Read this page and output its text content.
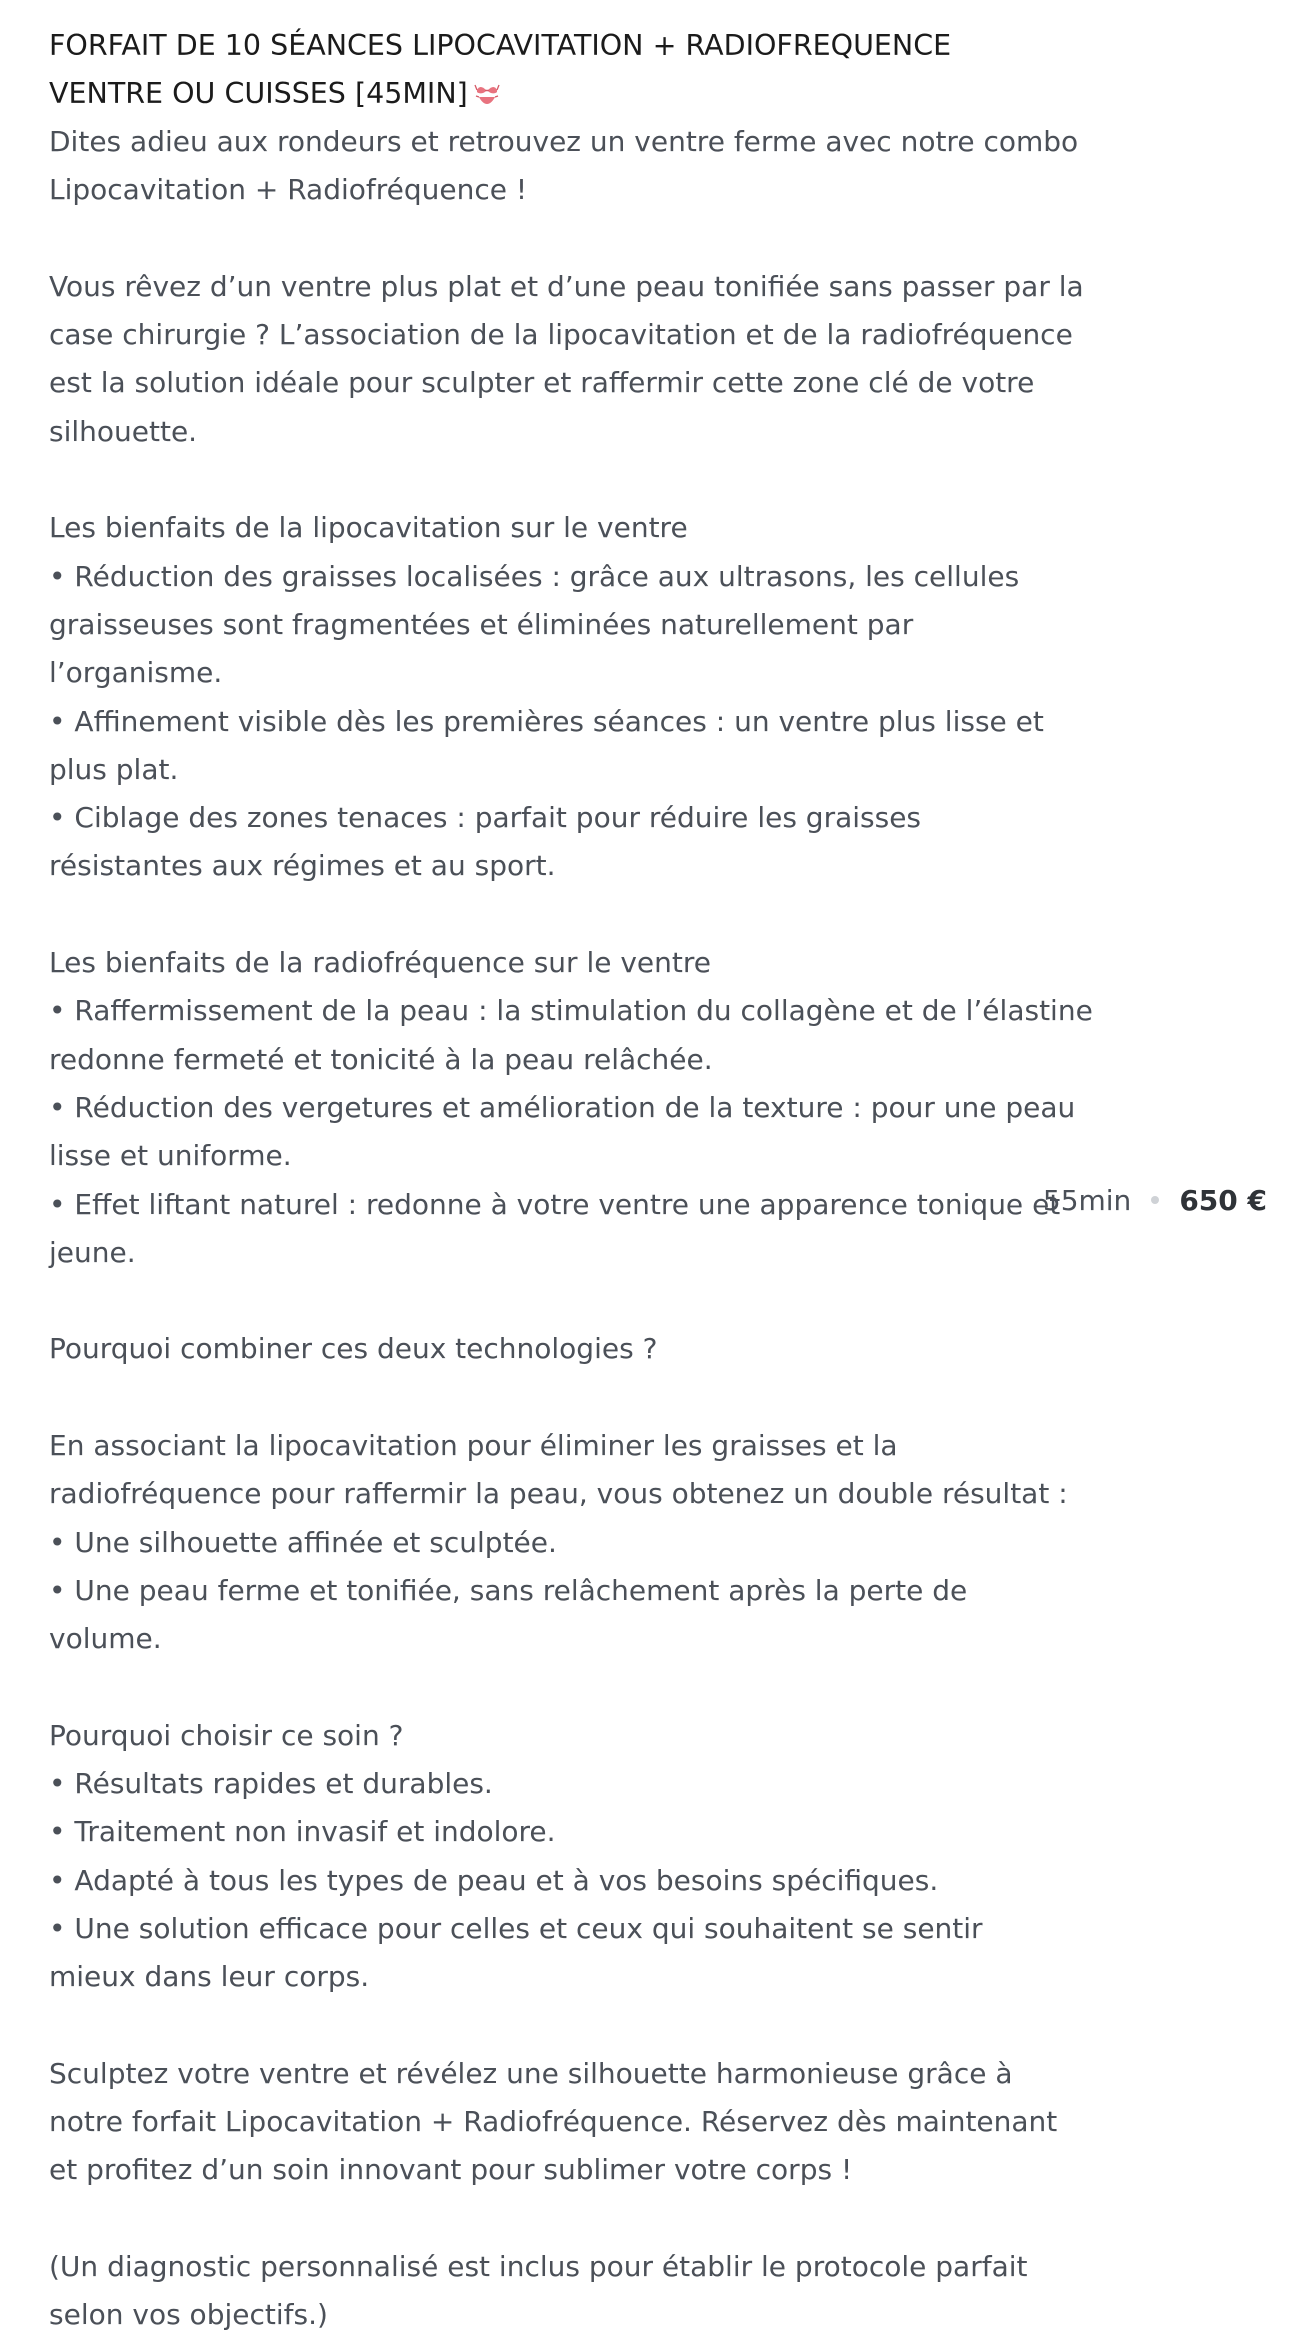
FORFAIT DE 10 SÉANCES LIPOCAVITATION + RADIOFREQUENCE
VENTRE OU CUISSES [45MIN]
Dites adieu aux rondeurs et retrouvez un ventre ferme avec notre combo
Lipocavitation + Radiofréquence !
Vous rêvez d’un ventre plus plat et d’une peau tonifiée sans passer par la
case chirurgie ? L’association de la lipocavitation et de la radiofréquence
est la solution idéale pour sculpter et raffermir cette zone clé de votre
silhouette.
Les bienfaits de la lipocavitation sur le ventre
• Réduction des graisses localisées : grâce aux ultrasons, les cellules
graisseuses sont fragmentées et éliminées naturellement par
l’organisme.
• Affinement visible dès les premières séances : un ventre plus lisse et
plus plat.
• Ciblage des zones tenaces : parfait pour réduire les graisses
résistantes aux régimes et au sport.
Les bienfaits de la radiofréquence sur le ventre
• Raffermissement de la peau : la stimulation du collagène et de l’élastine
redonne fermeté et tonicité à la peau relâchée.
• Réduction des vergetures et amélioration de la texture : pour une peau
lisse et uniforme.
• Effet liftant naturel : redonne à votre ventre une apparence tonique et
jeune.
Pourquoi combiner ces deux technologies ?
En associant la lipocavitation pour éliminer les graisses et la
radiofréquence pour raffermir la peau, vous obtenez un double résultat :
• Une silhouette affinée et sculptée.
• Une peau ferme et tonifiée, sans relâchement après la perte de
volume.
Pourquoi choisir ce soin ?
• Résultats rapides et durables.
• Traitement non invasif et indolore.
• Adapté à tous les types de peau et à vos besoins spécifiques.
• Une solution efficace pour celles et ceux qui souhaitent se sentir
mieux dans leur corps.
Sculptez votre ventre et révélez une silhouette harmonieuse grâce à
notre forfait Lipocavitation + Radiofréquence. Réservez dès maintenant
et profitez d’un soin innovant pour sublimer votre corps !
(Un diagnostic personnalisé est inclus pour établir le protocole parfait
selon vos objectifs.)
55min 650 €
